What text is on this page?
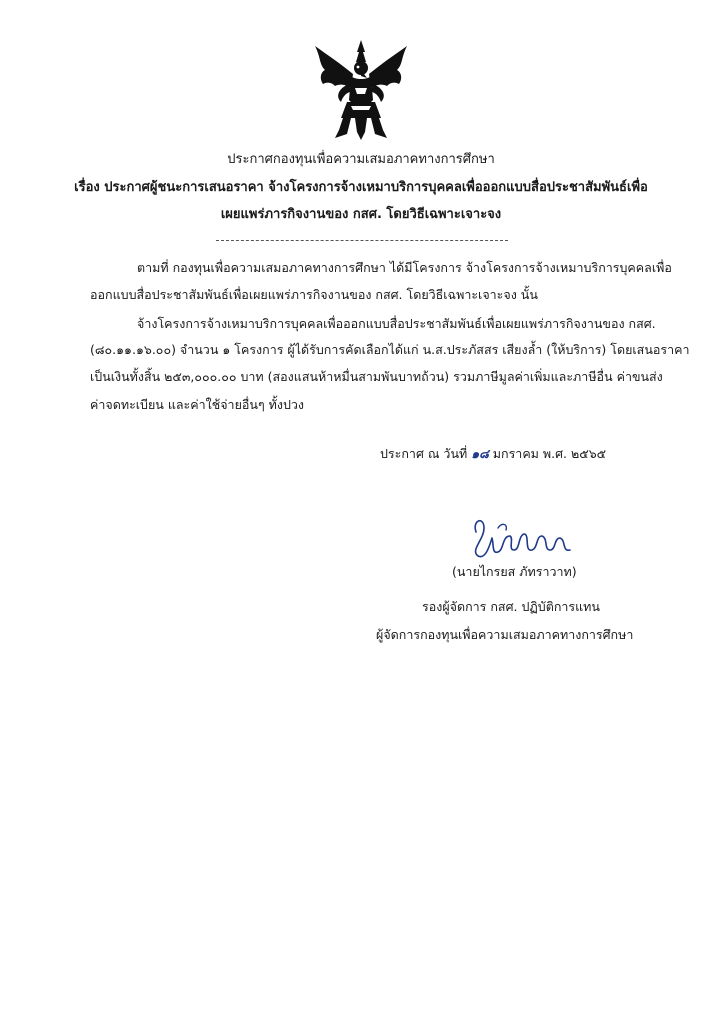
ประกาศกองทุนเพื่อความเสมอภาคทางการศึกษา
เรื่อง ประกาศผู้ชนะการเสนอราคา จ้างโครงการจ้างเหมาบริการบุคคลเพื่อออกแบบสื่อประชาสัมพันธ์เพื่อ
เผยแพร่ภารกิจงานของ กสศ. โดยวิธีเฉพาะเจาะจง
ตามที่ กองทุนเพื่อความเสมอภาคทางการศึกษา ได้มีโครงการ จ้างโครงการจ้างเหมาบริการบุคคลเพื่อ
ออกแบบสื่อประชาสัมพันธ์เพื่อเผยแพร่ภารกิจงานของ กสศ. โดยวิธีเฉพาะเจาะจง นั้น
จ้างโครงการจ้างเหมาบริการบุคคลเพื่อออกแบบสื่อประชาสัมพันธ์เพื่อเผยแพร่ภารกิจงานของ กสศ.
(๘๐.๑๑.๑๖.๐๐) จำนวน ๑ โครงการ ผู้ได้รับการคัดเลือกได้แก่ น.ส.ประภัสสร เสียงล้ำ (ให้บริการ) โดยเสนอราคา
เป็นเงินทั้งสิ้น ๒๕๓,๐๐๐.๐๐ บาท (สองแสนห้าหมื่นสามพันบาทถ้วน) รวมภาษีมูลค่าเพิ่มและภาษีอื่น ค่าขนส่ง
ค่าจดทะเบียน และค่าใช้จ่ายอื่นๆ ทั้งปวง
ประกาศ ณ วันที่ ๑๘ มกราคม พ.ศ. ๒๕๖๕
(นายไกรยส ภัทราวาท)
รองผู้จัดการ กสศ. ปฏิบัติการแทน
ผู้จัดการกองทุนเพื่อความเสมอภาคทางการศึกษา
